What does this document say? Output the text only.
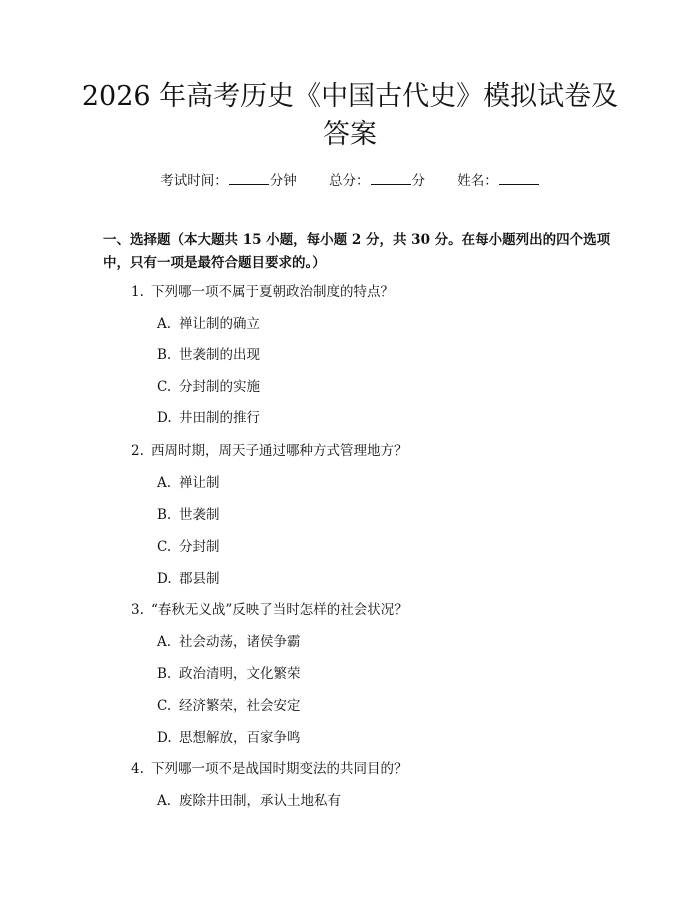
2026 年高考历史《中国古代史》模拟试卷及
答案
考试时间：	分钟 总分：	分 姓名：

一、选择题（本大题共 15 小题，每小题 2 分，共 30 分。在每小题列出的四个选项中，只有一项是最符合题目要求的。）

1. 下列哪一项不属于夏朝政治制度的特点？
A. 禅让制的确立
B. 世袭制的出现
C. 分封制的实施
D. 井田制的推行
2. 西周时期，周天子通过哪种方式管理地方？
A. 禅让制
B. 世袭制
C. 分封制
D. 郡县制
3. “春秋无义战”反映了当时怎样的社会状况？
A. 社会动荡，诸侯争霸
B. 政治清明，文化繁荣
C. 经济繁荣，社会安定
D. 思想解放，百家争鸣
4. 下列哪一项不是战国时期变法的共同目的？
A. 废除井田制，承认土地私有
